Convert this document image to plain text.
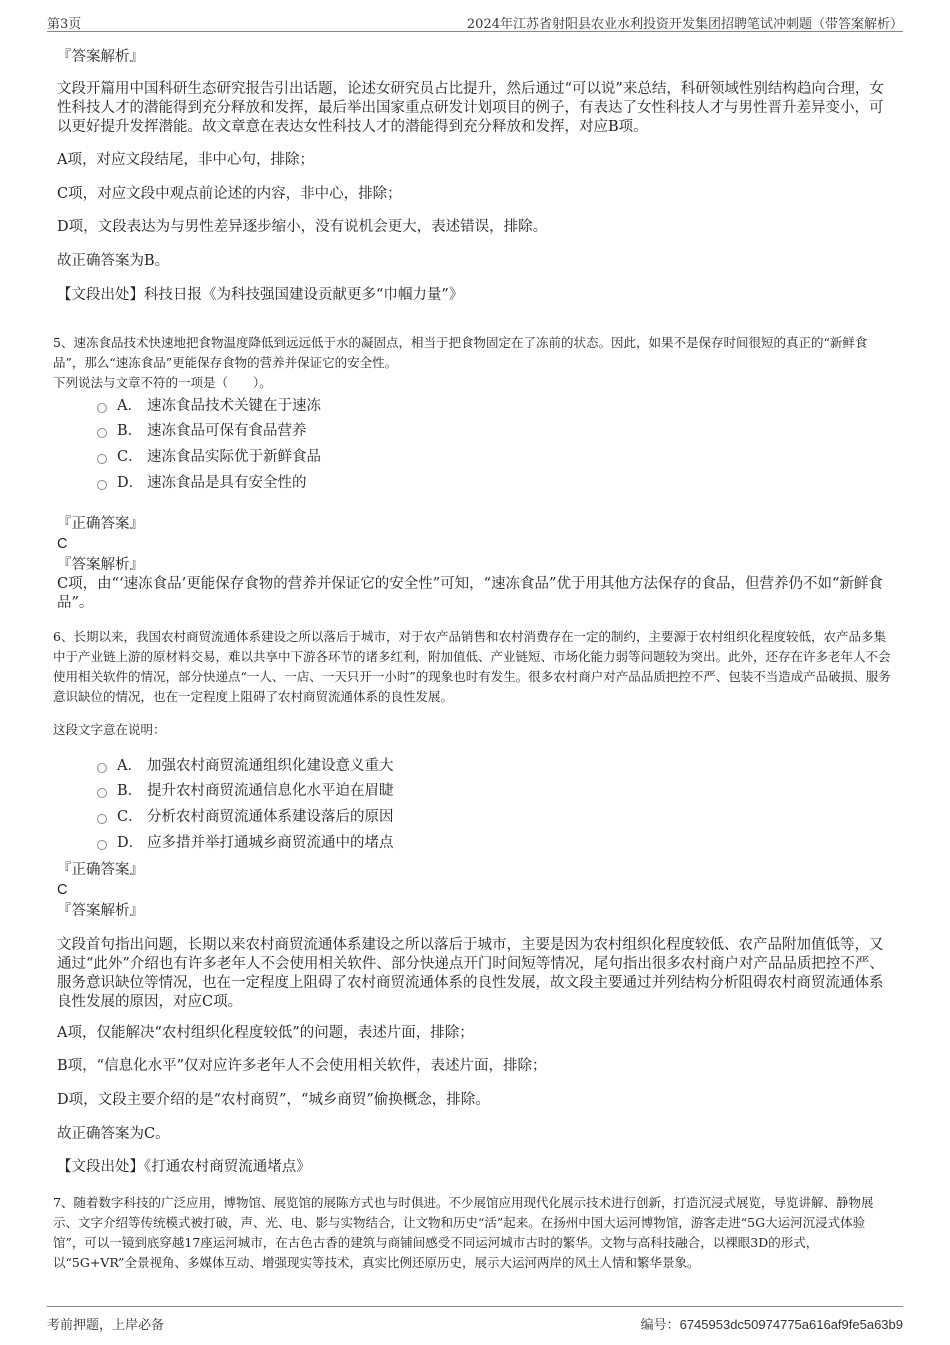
第3页	2024年江苏省射阳县农业水利投资开发集团招聘笔试冲刺题（带答案解析）

『答案解析』

文段开篇用中国科研生态研究报告引出话题，论述女研究员占比提升，然后通过“可以说”来总结，科研领域性别结构趋向合理，女性科技人才的潜能得到充分释放和发挥，最后举出国家重点研发计划项目的例子，有表达了女性科技人才与男性晋升差异变小，可以更好提升发挥潜能。故文章意在表达女性科技人才的潜能得到充分释放和发挥，对应B项。

A项，对应文段结尾，非中心句，排除；

C项，对应文段中观点前论述的内容，非中心，排除；

D项，文段表达为与男性差异逐步缩小，没有说机会更大，表述错误，排除。

故正确答案为B。

【文段出处】科技日报《为科技强国建设贡献更多“巾帼力量”》

5、速冻食品技术快速地把食物温度降低到远远低于水的凝固点，相当于把食物固定在了冻前的状态。因此，如果不是保存时间很短的真正的“新鲜食品”，那么“速冻食品”更能保存食物的营养并保证它的安全性。

下列说法与文章不符的一项是（　　）。

A． 速冻食品技术关键在于速冻
B． 速冻食品可保有食品营养
C． 速冻食品实际优于新鲜食品
D． 速冻食品是具有安全性的

『正确答案』

C

『答案解析』

C项，由“‘速冻食品’更能保存食物的营养并保证它的安全性”可知，“速冻食品”优于用其他方法保存的食品，但营养仍不如“新鲜食品”。

6、长期以来，我国农村商贸流通体系建设之所以落后于城市，对于农产品销售和农村消费存在一定的制约，主要源于农村组织化程度较低，农产品多集中于产业链上游的原材料交易，难以共享中下游各环节的诸多红利，附加值低、产业链短、市场化能力弱等问题较为突出。此外，还存在许多老年人不会使用相关软件的情况，部分快递点“一人、一店、一天只开一小时”的现象也时有发生。很多农村商户对产品品质把控不严、包装不当造成产品破损、服务意识缺位的情况，也在一定程度上阻碍了农村商贸流通体系的良性发展。

这段文字意在说明：

A． 加强农村商贸流通组织化建设意义重大
B． 提升农村商贸流通信息化水平迫在眉睫
C． 分析农村商贸流通体系建设落后的原因
D． 应多措并举打通城乡商贸流通中的堵点

『正确答案』

C

『答案解析』

文段首句指出问题，长期以来农村商贸流通体系建设之所以落后于城市，主要是因为农村组织化程度较低、农产品附加值低等，又通过“此外”介绍也有许多老年人不会使用相关软件、部分快递点开门时间短等情况，尾句指出很多农村商户对产品品质把控不严、服务意识缺位等情况，也在一定程度上阻碍了农村商贸流通体系的良性发展，故文段主要通过并列结构分析阻碍农村商贸流通体系良性发展的原因，对应C项。

A项，仅能解决“农村组织化程度较低”的问题，表述片面，排除；

B项，“信息化水平”仅对应许多老年人不会使用相关软件，表述片面，排除；

D项，文段主要介绍的是“农村商贸”，“城乡商贸”偷换概念，排除。

故正确答案为C。

【文段出处】《打通农村商贸流通堵点》

7、随着数字科技的广泛应用，博物馆、展览馆的展陈方式也与时俱进。不少展馆应用现代化展示技术进行创新，打造沉浸式展览，导览讲解、静物展示、文字介绍等传统模式被打破，声、光、电、影与实物结合，让文物和历史“活”起来。在扬州中国大运河博物馆，游客走进“5G大运河沉浸式体验馆”，可以一镜到底穿越17座运河城市，在古色古香的建筑与商铺间感受不同运河城市古时的繁华。文物与高科技融合，以裸眼3D的形式，以“5G+VR”全景视角、多媒体互动、增强现实等技术，真实比例还原历史，展示大运河两岸的风土人情和繁华景象。

考前押题，上岸必备	编号：6745953dc50974775a616af9fe5a63b9
